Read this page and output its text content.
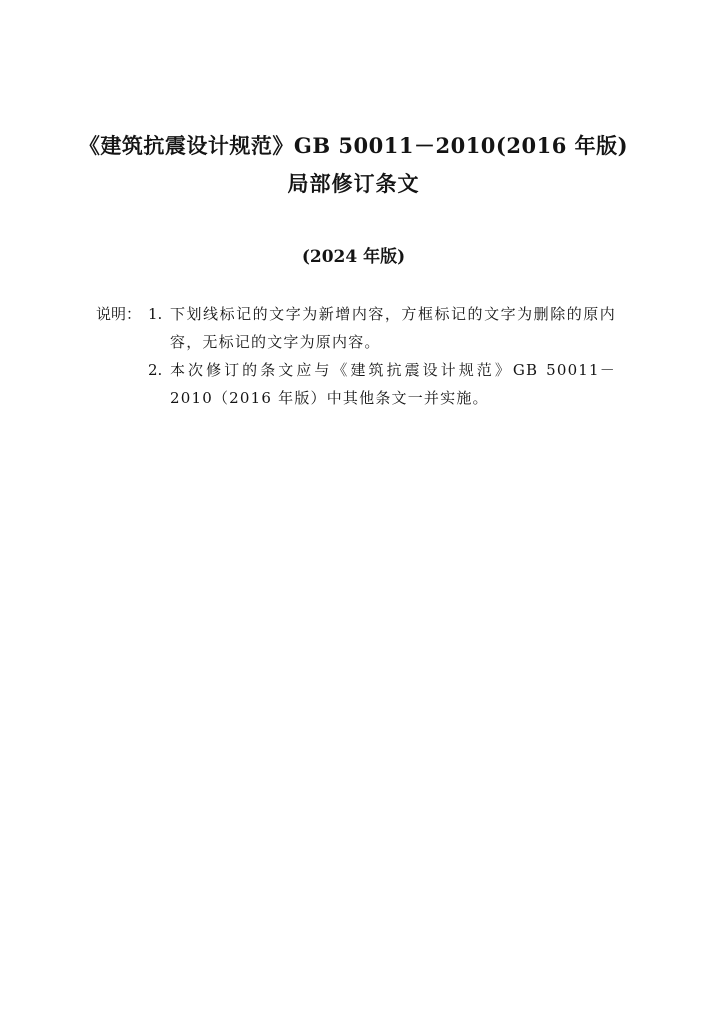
《建筑抗震设计规范》GB 50011－2010(2016 年版)
局部修订条文
(2024 年版)
说明： 1. 下划线标记的文字为新增内容，方框标记的文字为删除的原内容，无标记的文字为原内容。
2. 本次修订的条文应与《建筑抗震设计规范》GB 50011－2010（2016 年版）中其他条文一并实施。
